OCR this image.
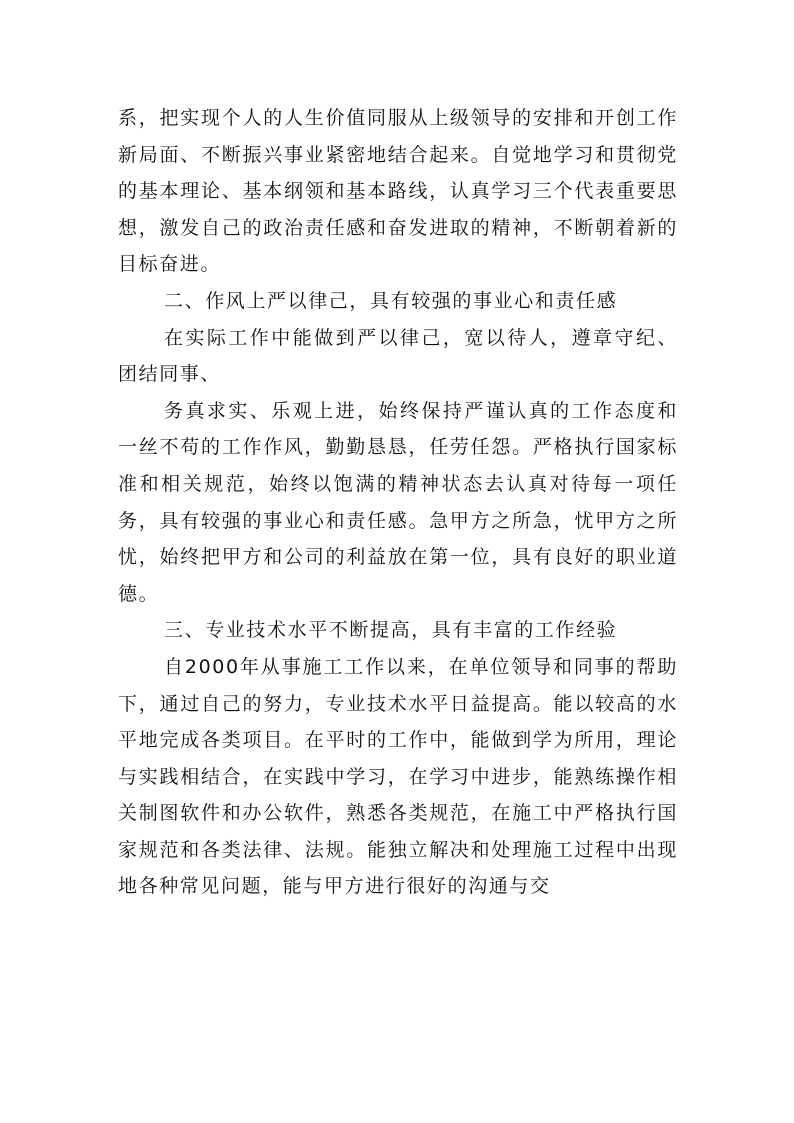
系，把实现个人的人生价值同服从上级领导的安排和开创工作新局面、不断振兴事业紧密地结合起来。自觉地学习和贯彻党的基本理论、基本纲领和基本路线，认真学习三个代表重要思想，激发自己的政治责任感和奋发进取的精神，不断朝着新的目标奋进。

二、作风上严以律己，具有较强的事业心和责任感

在实际工作中能做到严以律己，宽以待人，遵章守纪、团结同事、

务真求实、乐观上进，始终保持严谨认真的工作态度和一丝不苟的工作作风，勤勤恳恳，任劳任怨。严格执行国家标准和相关规范，始终以饱满的精神状态去认真对待每一项任务，具有较强的事业心和责任感。急甲方之所急，忧甲方之所忧，始终把甲方和公司的利益放在第一位，具有良好的职业道德。

三、专业技术水平不断提高，具有丰富的工作经验

自2000年从事施工工作以来，在单位领导和同事的帮助下，通过自己的努力，专业技术水平日益提高。能以较高的水平地完成各类项目。在平时的工作中，能做到学为所用，理论与实践相结合，在实践中学习，在学习中进步，能熟练操作相关制图软件和办公软件，熟悉各类规范，在施工中严格执行国家规范和各类法律、法规。能独立解决和处理施工过程中出现地各种常见问题，能与甲方进行很好的沟通与交
